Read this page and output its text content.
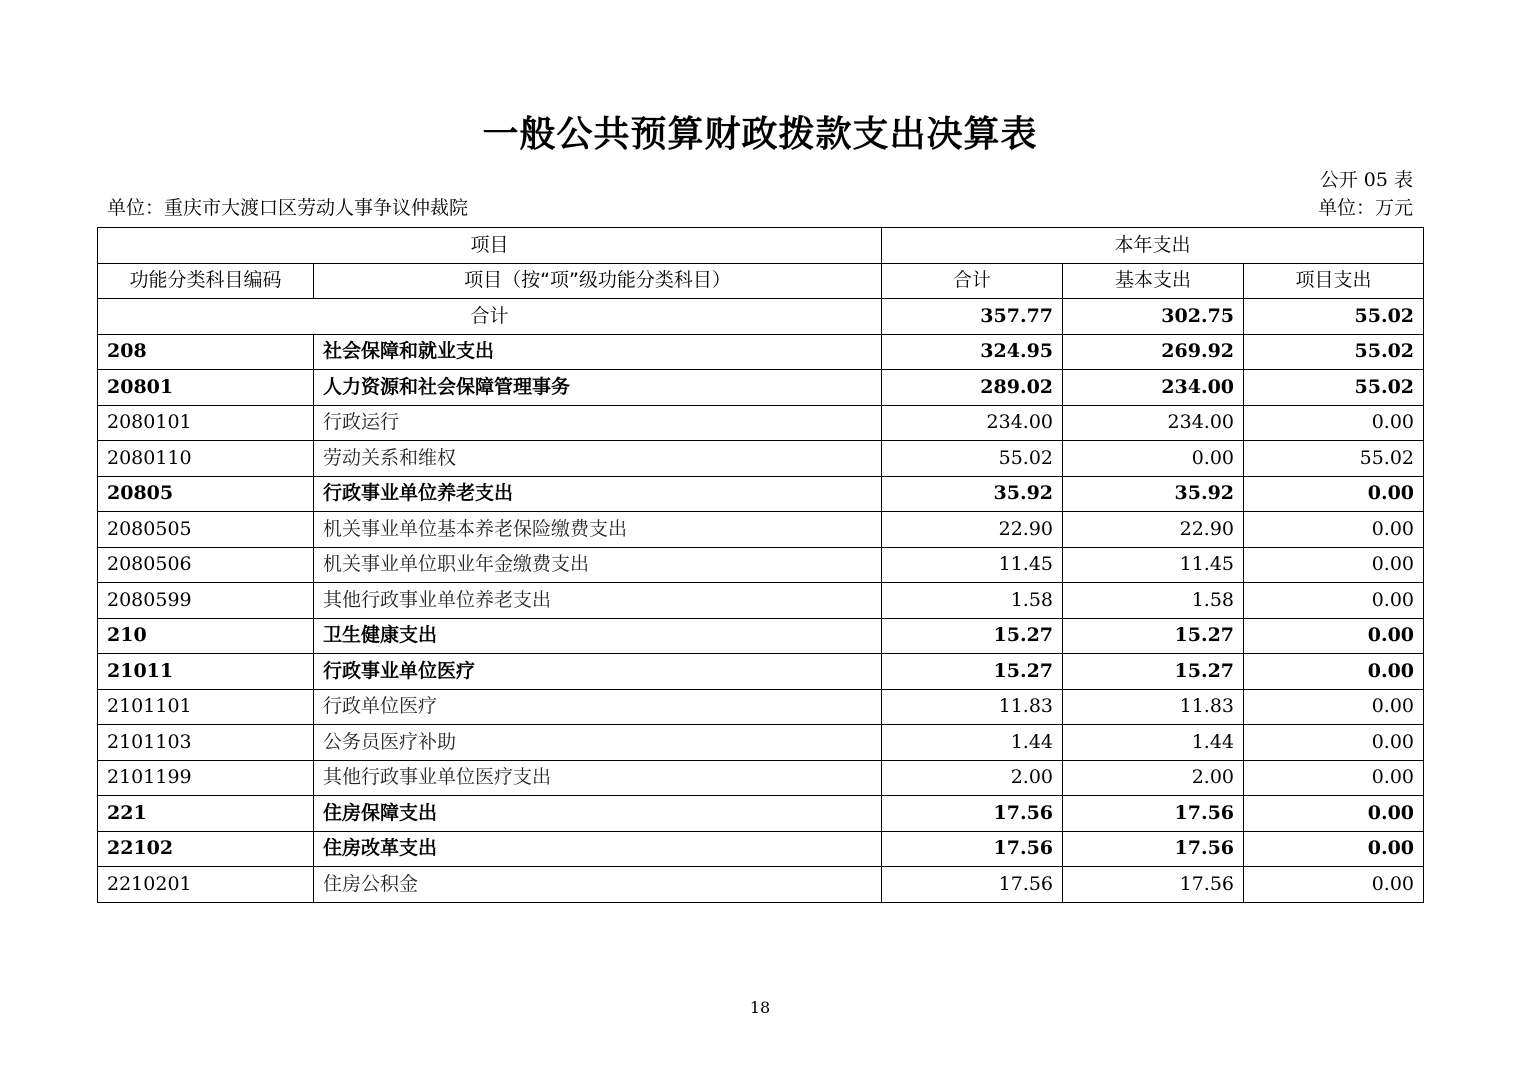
一般公共预算财政拨款支出决算表
公开 05 表
单位：重庆市大渡口区劳动人事争议仲裁院	单位：万元
项目		本年支出		
功能分类科目编码	项目（按“项”级功能分类科目）	合计	基本支出	项目支出
合计		357.77	302.75	55.02
208	社会保障和就业支出	324.95	269.92	55.02
20801	人力资源和社会保障管理事务	289.02	234.00	55.02
2080101	行政运行	234.00	234.00	0.00
2080110	劳动关系和维权	55.02	0.00	55.02
20805	行政事业单位养老支出	35.92	35.92	0.00
2080505	机关事业单位基本养老保险缴费支出	22.90	22.90	0.00
2080506	机关事业单位职业年金缴费支出	11.45	11.45	0.00
2080599	其他行政事业单位养老支出	1.58	1.58	0.00
210	卫生健康支出	15.27	15.27	0.00
21011	行政事业单位医疗	15.27	15.27	0.00
2101101	行政单位医疗	11.83	11.83	0.00
2101103	公务员医疗补助	1.44	1.44	0.00
2101199	其他行政事业单位医疗支出	2.00	2.00	0.00
221	住房保障支出	17.56	17.56	0.00
22102	住房改革支出	17.56	17.56	0.00
2210201	住房公积金	17.56	17.56	0.00
18
